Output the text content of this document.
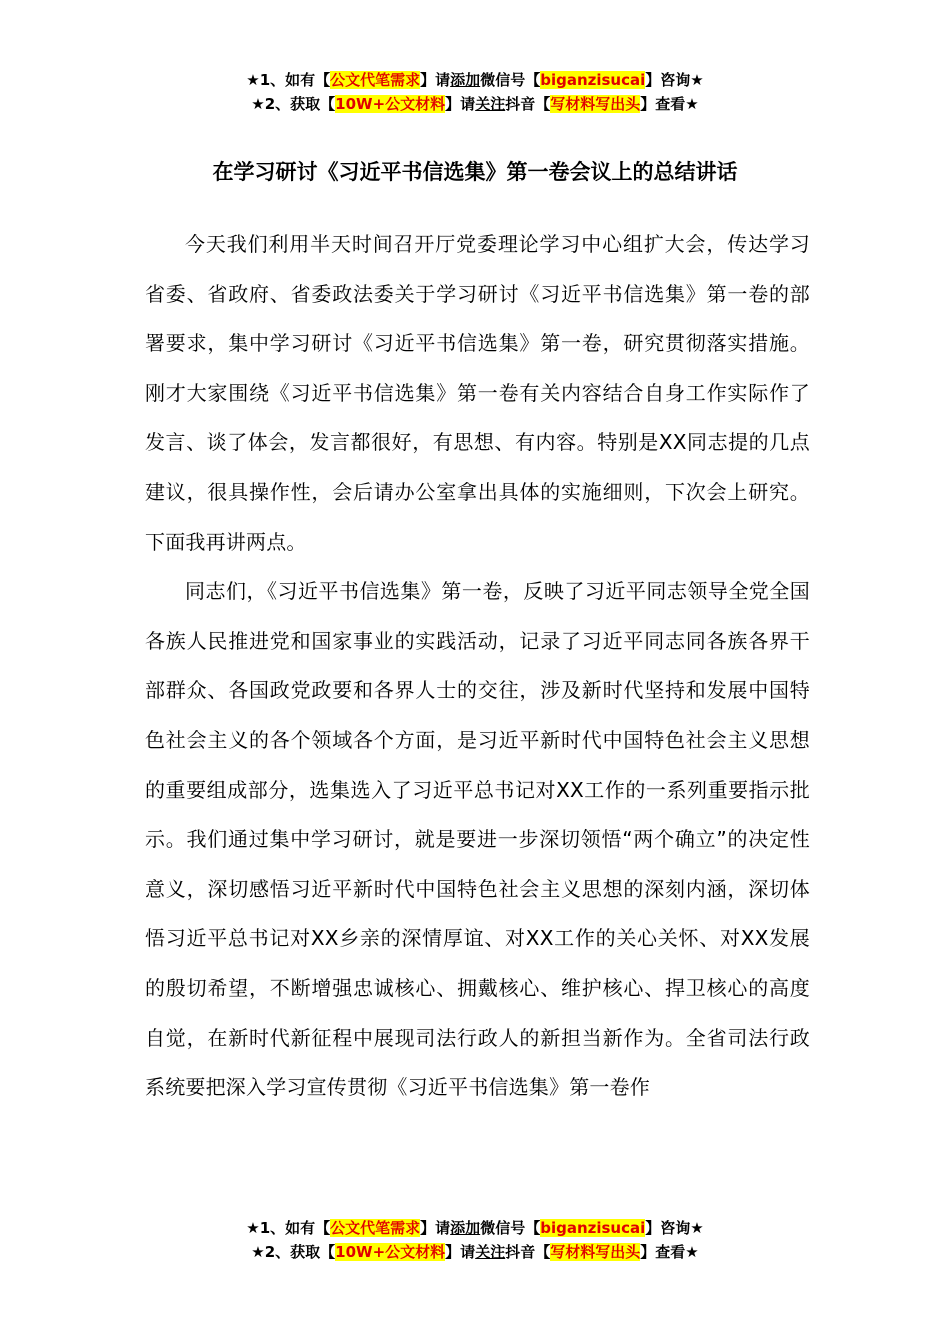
★1、如有【公文代笔需求】请添加微信号【biganzisucai】咨询★
★2、获取【10W+公文材料】请关注抖音【写材料写出头】查看★
在学习研讨《习近平书信选集》第一卷会议上的总结讲话

今天我们利用半天时间召开厅党委理论学习中心组扩大会，传达学习省委、省政府、省委政法委关于学习研讨《习近平书信选集》第一卷的部署要求，集中学习研讨《习近平书信选集》第一卷，研究贯彻落实措施。刚才大家围绕《习近平书信选集》第一卷有关内容结合自身工作实际作了发言、谈了体会，发言都很好，有思想、有内容。特别是XX同志提的几点建议，很具操作性，会后请办公室拿出具体的实施细则，下次会上研究。下面我再讲两点。

同志们，《习近平书信选集》第一卷，反映了习近平同志领导全党全国各族人民推进党和国家事业的实践活动，记录了习近平同志同各族各界干部群众、各国政党政要和各界人士的交往，涉及新时代坚持和发展中国特色社会主义的各个领域各个方面，是习近平新时代中国特色社会主义思想的重要组成部分，选集选入了习近平总书记对XX工作的一系列重要指示批示。我们通过集中学习研讨，就是要进一步深切领悟“两个确立”的决定性意义，深切感悟习近平新时代中国特色社会主义思想的深刻内涵，深切体悟习近平总书记对XX乡亲的深情厚谊、对XX工作的关心关怀、对XX发展的殷切希望，不断增强忠诚核心、拥戴核心、维护核心、捍卫核心的高度自觉，在新时代新征程中展现司法行政人的新担当新作为。全省司法行政系统要把深入学习宣传贯彻《习近平书信选集》第一卷作

★1、如有【公文代笔需求】请添加微信号【biganzisucai】咨询★
★2、获取【10W+公文材料】请关注抖音【写材料写出头】查看★
